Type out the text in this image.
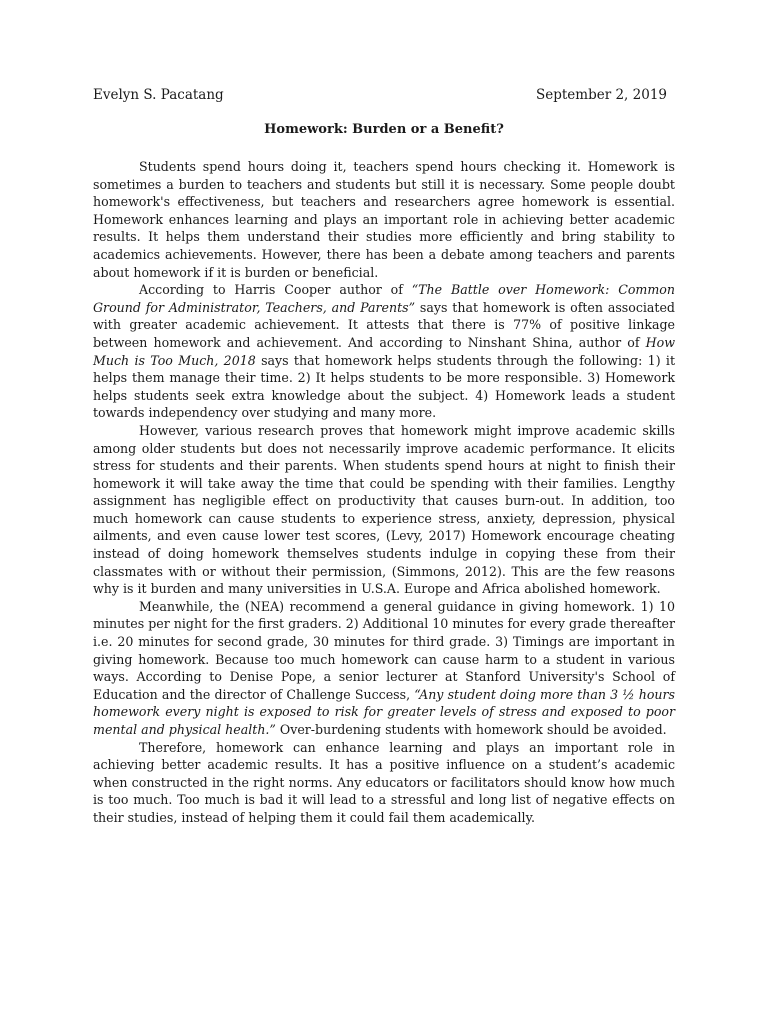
Evelyn S. Pacatang	September 2, 2019
Homework: Burden or a Benefit?

Students spend hours doing it, teachers spend hours checking it. Homework is sometimes a burden to teachers and students but still it is necessary. Some people doubt homework's effectiveness, but teachers and researchers agree homework is essential. Homework enhances learning and plays an important role in achieving better academic results. It helps them understand their studies more efficiently and bring stability to academics achievements. However, there has been a debate among teachers and parents about homework if it is burden or beneficial.

According to Harris Cooper author of “The Battle over Homework: Common Ground for Administrator, Teachers, and Parents” says that homework is often associated with greater academic achievement. It attests that there is 77% of positive linkage between homework and achievement. And according to Ninshant Shina, author of How Much is Too Much, 2018 says that homework helps students through the following: 1) it helps them manage their time. 2) It helps students to be more responsible. 3) Homework helps students seek extra knowledge about the subject. 4) Homework leads a student towards independency over studying and many more.

However, various research proves that homework might improve academic skills among older students but does not necessarily improve academic performance. It elicits stress for students and their parents. When students spend hours at night to finish their homework it will take away the time that could be spending with their families. Lengthy assignment has negligible effect on productivity that causes burn-out. In addition, too much homework can cause students to experience stress, anxiety, depression, physical ailments, and even cause lower test scores, (Levy, 2017) Homework encourage cheating instead of doing homework themselves students indulge in copying these from their classmates with or without their permission, (Simmons, 2012). This are the few reasons why is it burden and many universities in U.S.A. Europe and Africa abolished homework.

Meanwhile, the (NEA) recommend a general guidance in giving homework. 1) 10 minutes per night for the first graders. 2) Additional 10 minutes for every grade thereafter i.e. 20 minutes for second grade, 30 minutes for third grade. 3) Timings are important in giving homework. Because too much homework can cause harm to a student in various ways. According to Denise Pope, a senior lecturer at Stanford University's School of Education and the director of Challenge Success, “Any student doing more than 3 ½ hours homework every night is exposed to risk for greater levels of stress and exposed to poor mental and physical health.” Over-burdening students with homework should be avoided.

Therefore, homework can enhance learning and plays an important role in achieving better academic results. It has a positive influence on a student’s academic when constructed in the right norms. Any educators or facilitators should know how much is too much. Too much is bad it will lead to a stressful and long list of negative effects on their studies, instead of helping them it could fail them academically.
